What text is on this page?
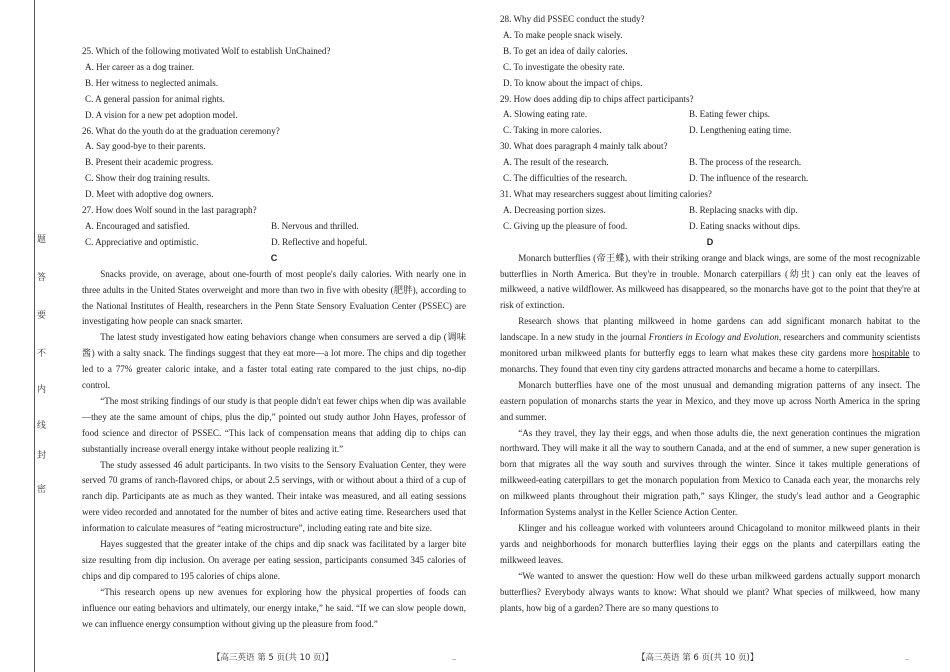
题
答
要
不
内
线
封
密
25. Which of the following motivated Wolf to establish UnChained?
A. Her career as a dog trainer.
B. Her witness to neglected animals.
C. A general passion for animal rights.
D. A vision for a new pet adoption model.
26. What do the youth do at the graduation ceremony?
A. Say good-bye to their parents.
B. Present their academic progress.
C. Show their dog training results.
D. Meet with adoptive dog owners.
27. How does Wolf sound in the last paragraph?
A. Encouraged and satisfied.	B. Nervous and thrilled.
C. Appreciative and optimistic.	D. Reflective and hopeful.
C

Snacks provide, on average, about one-fourth of most people's daily calories. With nearly one in three adults in the United States overweight and more than two in five with obesity (肥胖), according to the National Institutes of Health, researchers in the Penn State Sensory Evaluation Center (PSSEC) are investigating how people can snack smarter.

The latest study investigated how eating behaviors change when consumers are served a dip (调味酱) with a salty snack. The findings suggest that they eat more—a lot more. The chips and dip together led to a 77% greater caloric intake, and a faster total eating rate compared to the just chips, no-dip control.

“The most striking findings of our study is that people didn't eat fewer chips when dip was available—they ate the same amount of chips, plus the dip,” pointed out study author John Hayes, professor of food science and director of PSSEC. “This lack of compensation means that adding dip to chips can substantially increase overall energy intake without people realizing it.”

The study assessed 46 adult participants. In two visits to the Sensory Evaluation Center, they were served 70 grams of ranch-flavored chips, or about 2.5 servings, with or without about a third of a cup of ranch dip. Participants ate as much as they wanted. Their intake was measured, and all eating sessions were video recorded and annotated for the number of bites and active eating time. Researchers used that information to calculate measures of “eating microstructure”, including eating rate and bite size.

Hayes suggested that the greater intake of the chips and dip snack was facilitated by a larger bite size resulting from dip inclusion. On average per eating session, participants consumed 345 calories of chips and dip compared to 195 calories of chips alone.

“This research opens up new avenues for exploring how the physical properties of foods can influence our eating behaviors and ultimately, our energy intake,” he said. “If we can slow people down, we can influence energy consumption without giving up the pleasure from food.”

28. Why did PSSEC conduct the study?
A. To make people snack wisely.
B. To get an idea of daily calories.
C. To investigate the obesity rate.
D. To know about the impact of chips.
29. How does adding dip to chips affect participants?
A. Slowing eating rate.	B. Eating fewer chips.
C. Taking in more calories.	D. Lengthening eating time.
30. What does paragraph 4 mainly talk about?
A. The result of the research.	B. The process of the research.
C. The difficulties of the research.	D. The influence of the research.
31. What may researchers suggest about limiting calories?
A. Decreasing portion sizes.	B. Replacing snacks with dip.
C. Giving up the pleasure of food.	D. Eating snacks without dips.
D

Monarch butterflies (帝王蝶), with their striking orange and black wings, are some of the most recognizable butterflies in North America. But they're in trouble. Monarch caterpillars (幼虫) can only eat the leaves of milkweed, a native wildflower. As milkweed has disappeared, so the monarchs have got to the point that they're at risk of extinction.

Research shows that planting milkweed in home gardens can add significant monarch habitat to the landscape. In a new study in the journal Frontiers in Ecology and Evolution, researchers and community scientists monitored urban milkweed plants for butterfly eggs to learn what makes these city gardens more hospitable to monarchs. They found that even tiny city gardens attracted monarchs and became a home to caterpillars.

Monarch butterflies have one of the most unusual and demanding migration patterns of any insect. The eastern population of monarchs starts the year in Mexico, and they move up across North America in the spring and summer.

“As they travel, they lay their eggs, and when those adults die, the next generation continues the migration northward. They will make it all the way to southern Canada, and at the end of summer, a new super generation is born that migrates all the way south and survives through the winter. Since it takes multiple generations of milkweed-eating caterpillars to get the monarch population from Mexico to Canada each year, the monarchs rely on milkweed plants throughout their migration path,” says Klinger, the study's lead author and a Geographic Information Systems analyst in the Keller Science Action Center.

Klinger and his colleague worked with volunteers around Chicagoland to monitor milkweed plants in their yards and neighborhoods for monarch butterflies laying their eggs on the plants and caterpillars eating the milkweed leaves.

“We wanted to answer the question: How well do these urban milkweed gardens actually support monarch butterflies? Everybody always wants to know: What should we plant? What species of milkweed, how many plants, how big of a garden? There are so many questions to

【高三英语 第 5 页(共 10 页)】	【高三英语 第 6 页(共 10 页)】
–	–
